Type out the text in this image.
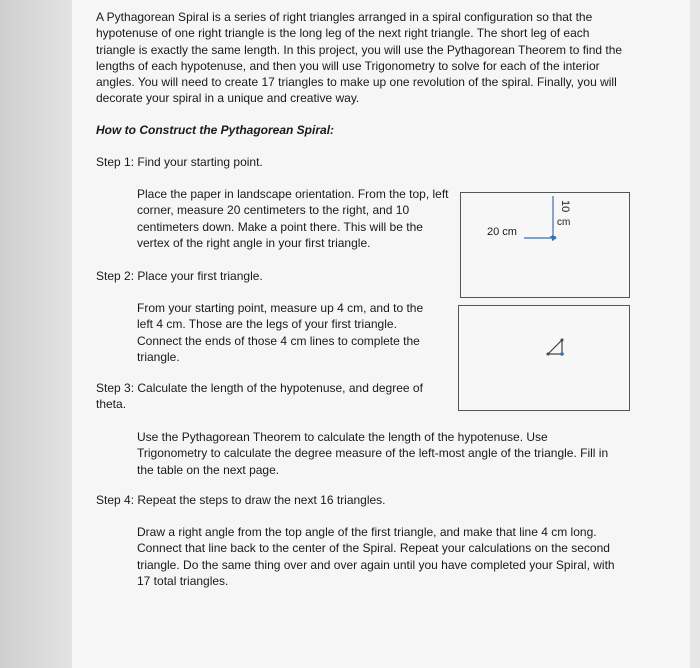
A Pythagorean Spiral is a series of right triangles arranged in a spiral configuration so that the hypotenuse of one right triangle is the long leg of the next right triangle. The short leg of each triangle is exactly the same length. In this project, you will use the Pythagorean Theorem to find the lengths of each hypotenuse, and then you will use Trigonometry to solve for each of the interior angles. You will need to create 17 triangles to make up one revolution of the spiral. Finally, you will decorate your spiral in a unique and creative way.

How to Construct the Pythagorean Spiral:

Step 1: Find your starting point.

Place the paper in landscape orientation. From the top, left corner, measure 20 centimeters to the right, and 10 centimeters down. Make a point there. This will be the vertex of the right angle in your first triangle.

Step 2: Place your first triangle.

From your starting point, measure up 4 cm, and to the left 4 cm. Those are the legs of your first triangle. Connect the ends of those 4 cm lines to complete the triangle.

Step 3: Calculate the length of the hypotenuse, and degree of theta.

Use the Pythagorean Theorem to calculate the length of the hypotenuse. Use Trigonometry to calculate the degree measure of the left-most angle of the triangle. Fill in the table on the next page.

Step 4: Repeat the steps to draw the next 16 triangles.

Draw a right angle from the top angle of the first triangle, and make that line 4 cm long. Connect that line back to the center of the Spiral. Repeat your calculations on the second triangle. Do the same thing over and over again until you have completed your Spiral, with 17 total triangles.

20 cm
10
cm
